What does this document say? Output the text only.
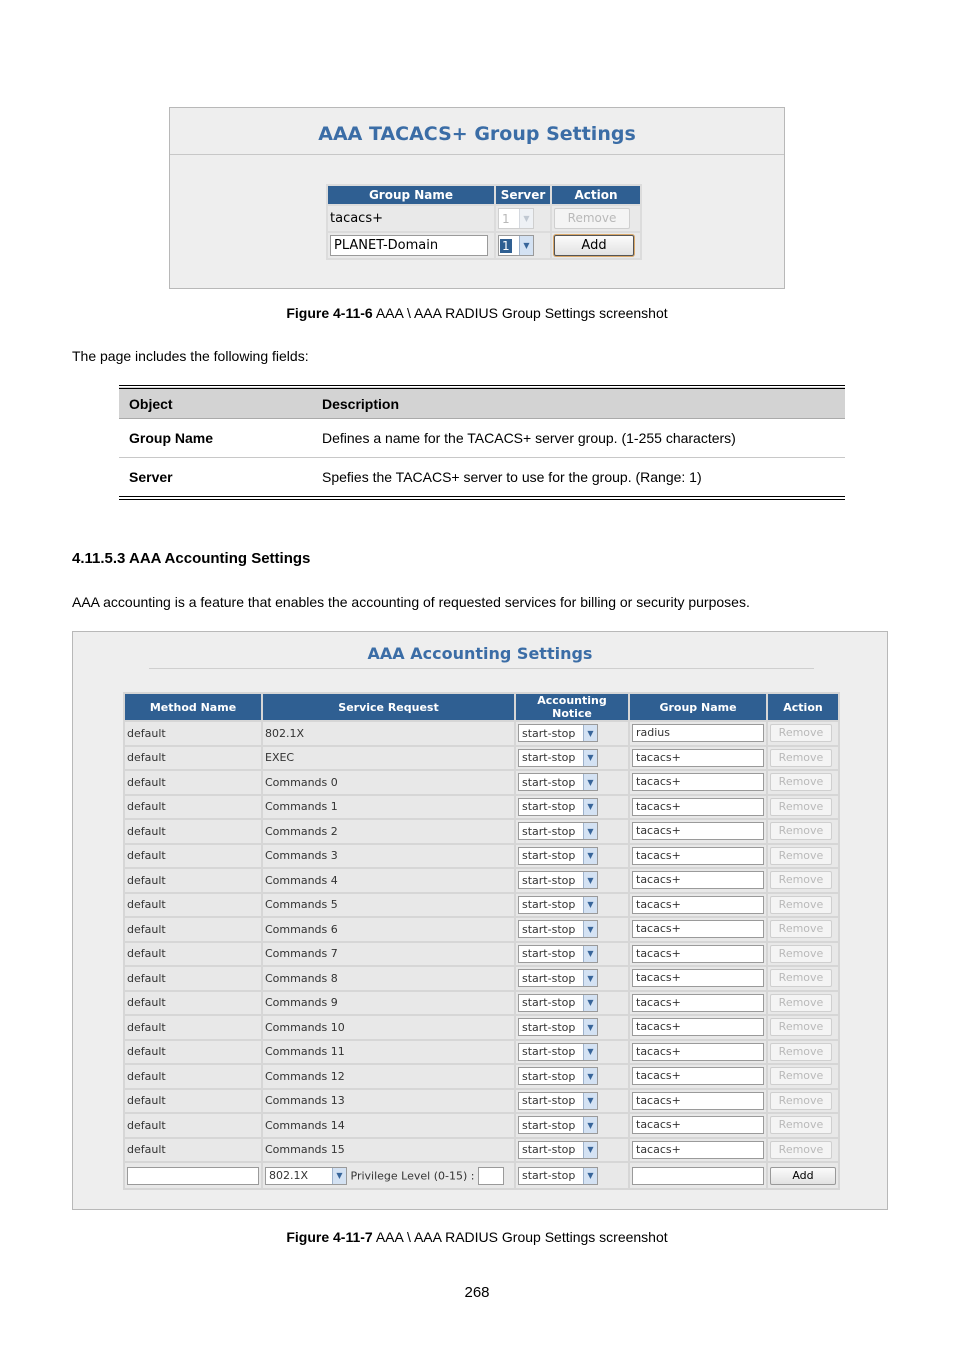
AAA TACACS+ Group Settings
Group Name	Server	Action
tacacs+	1 ▼	Remove
PLANET-Domain	1 ▼	Add
Figure 4-11-6 AAA \ AAA RADIUS Group Settings screenshot
The page includes the following fields:
Object	Description
Group Name	Defines a name for the TACACS+ server group. (1-255 characters)
Server	Spefies the TACACS+ server to use for the group. (Range: 1)
4.11.5.3 AAA Accounting Settings
AAA accounting is a feature that enables the accounting of requested services for billing or security purposes.
AAA Accounting Settings
Method Name	Service Request	Accounting Notice	Group Name	Action
default	802.1X	start-stop ▼	radius	Remove
default	EXEC	start-stop ▼	tacacs+	Remove
default	Commands 0	start-stop ▼	tacacs+	Remove
default	Commands 1	start-stop ▼	tacacs+	Remove
default	Commands 2	start-stop ▼	tacacs+	Remove
default	Commands 3	start-stop ▼	tacacs+	Remove
default	Commands 4	start-stop ▼	tacacs+	Remove
default	Commands 5	start-stop ▼	tacacs+	Remove
default	Commands 6	start-stop ▼	tacacs+	Remove
default	Commands 7	start-stop ▼	tacacs+	Remove
default	Commands 8	start-stop ▼	tacacs+	Remove
default	Commands 9	start-stop ▼	tacacs+	Remove
default	Commands 10	start-stop ▼	tacacs+	Remove
default	Commands 11	start-stop ▼	tacacs+	Remove
default	Commands 12	start-stop ▼	tacacs+	Remove
default	Commands 13	start-stop ▼	tacacs+	Remove
default	Commands 14	start-stop ▼	tacacs+	Remove
default	Commands 15	start-stop ▼	tacacs+	Remove

	802.1X ▼ Privilege Level (0-15) :	start-stop ▼		Add
Figure 4-11-7 AAA \ AAA RADIUS Group Settings screenshot
268
